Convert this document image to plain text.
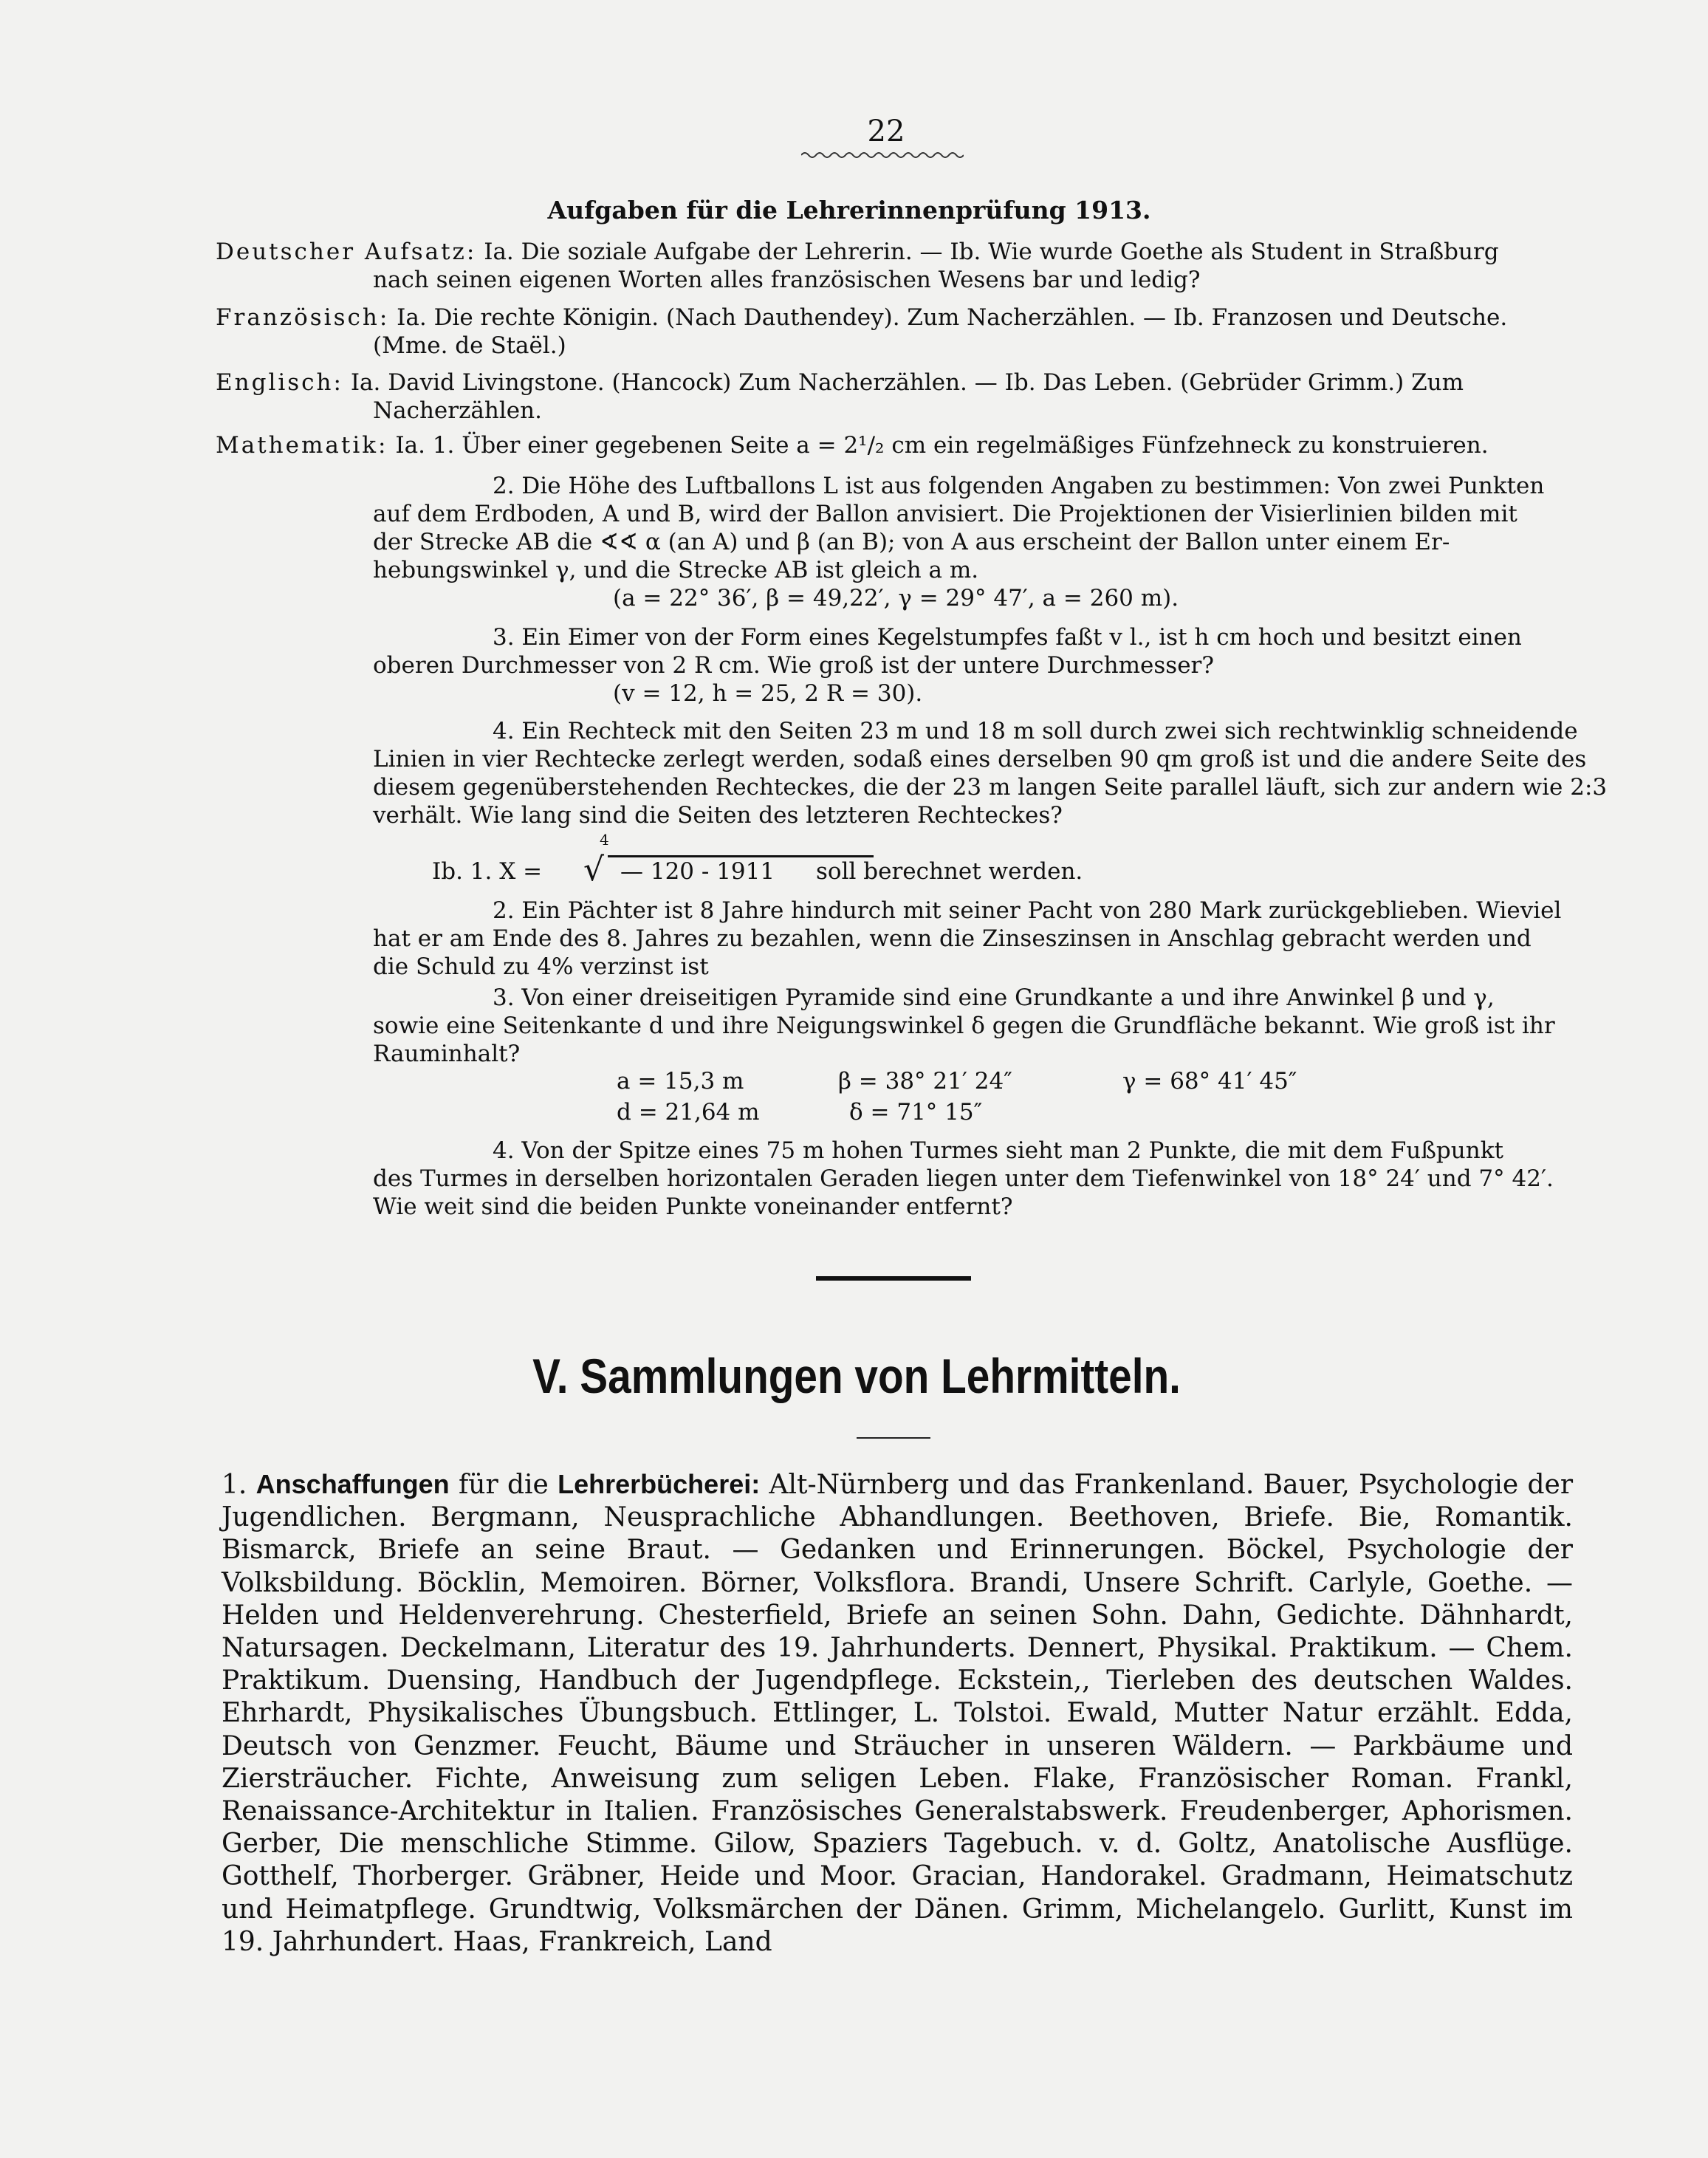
22
Aufgaben für die Lehrerinnenprüfung 1913.
Deutscher Aufsatz: Ia. Die soziale Aufgabe der Lehrerin. — Ib. Wie wurde Goethe als Student in Straßburg
nach seinen eigenen Worten alles französischen Wesens bar und ledig?
Französisch: Ia. Die rechte Königin. (Nach Dauthendey). Zum Nacherzählen. — Ib. Franzosen und Deutsche.
(Mme. de Staël.)
Englisch: Ia. David Livingstone. (Hancock) Zum Nacherzählen. — Ib. Das Leben. (Gebrüder Grimm.) Zum
Nacherzählen.
Mathematik: Ia. 1. Über einer gegebenen Seite a = 2¹/₂ cm ein regelmäßiges Fünfzehneck zu konstruieren.
2. Die Höhe des Luftballons L ist aus folgenden Angaben zu bestimmen: Von zwei Punkten
auf dem Erdboden, A und B, wird der Ballon anvisiert. Die Projektionen der Visierlinien bilden mit
der Strecke AB die ∢∢ α (an A) und β (an B); von A aus erscheint der Ballon unter einem Er-
hebungswinkel γ, und die Strecke AB ist gleich a m.
(a = 22° 36′, β = 49,22′, γ = 29° 47′, a = 260 m).
3. Ein Eimer von der Form eines Kegelstumpfes faßt v l., ist h cm hoch und besitzt einen
oberen Durchmesser von 2 R cm. Wie groß ist der untere Durchmesser?
(v = 12, h = 25, 2 R = 30).
4. Ein Rechteck mit den Seiten 23 m und 18 m soll durch zwei sich rechtwinklig schneidende
Linien in vier Rechtecke zerlegt werden, sodaß eines derselben 90 qm groß ist und die andere Seite des
diesem gegenüberstehenden Rechteckes, die der 23 m langen Seite parallel läuft, sich zur andern wie 2:3
verhält. Wie lang sind die Seiten des letzteren Rechteckes?
4
Ib. 1. X = √ — 120 - 1911 soll berechnet werden.
2. Ein Pächter ist 8 Jahre hindurch mit seiner Pacht von 280 Mark zurückgeblieben. Wieviel
hat er am Ende des 8. Jahres zu bezahlen, wenn die Zinseszinsen in Anschlag gebracht werden und
die Schuld zu 4% verzinst ist
3. Von einer dreiseitigen Pyramide sind eine Grundkante a und ihre Anwinkel β und γ,
sowie eine Seitenkante d und ihre Neigungswinkel δ gegen die Grundfläche bekannt. Wie groß ist ihr
Rauminhalt?
a = 15,3 m	β = 38° 21′ 24″	γ = 68° 41′ 45″
d = 21,64 m	δ = 71° 15″
4. Von der Spitze eines 75 m hohen Turmes sieht man 2 Punkte, die mit dem Fußpunkt
des Turmes in derselben horizontalen Geraden liegen unter dem Tiefenwinkel von 18° 24′ und 7° 42′.
Wie weit sind die beiden Punkte voneinander entfernt?
V. Sammlungen von Lehrmitteln.
1. Anschaffungen für die Lehrerbücherei: Alt-Nürnberg und das Frankenland. Bauer, Psychologie der Jugendlichen. Bergmann, Neusprachliche Abhandlungen. Beethoven, Briefe. Bie, Romantik. Bismarck, Briefe an seine Braut. — Gedanken und Erinnerungen. Böckel, Psychologie der Volksbildung. Böcklin, Memoiren. Börner, Volksflora. Brandi, Unsere Schrift. Carlyle, Goethe. — Helden und Heldenverehrung. Chesterfield, Briefe an seinen Sohn. Dahn, Gedichte. Dähnhardt, Natursagen. Deckelmann, Literatur des 19. Jahrhunderts. Dennert, Physikal. Praktikum. — Chem. Praktikum. Duensing, Handbuch der Jugendpflege. Eckstein,, Tierleben des deutschen Waldes. Ehrhardt, Physikalisches Übungsbuch. Ettlinger, L. Tolstoi. Ewald, Mutter Natur erzählt. Edda, Deutsch von Genzmer. Feucht, Bäume und Sträucher in unseren Wäldern. — Parkbäume und Ziersträucher. Fichte, Anweisung zum seligen Leben. Flake, Französischer Roman. Frankl, Renaissance-Architektur in Italien. Französisches Generalstabswerk. Freudenberger, Aphorismen. Gerber, Die menschliche Stimme. Gilow, Spaziers Tagebuch. v. d. Goltz, Anatolische Ausflüge. Gotthelf, Thorberger. Gräbner, Heide und Moor. Gracian, Handorakel. Gradmann, Heimatschutz und Heimatpflege. Grundtwig, Volksmärchen der Dänen. Grimm, Michelangelo. Gurlitt, Kunst im 19. Jahrhundert. Haas, Frankreich, Land
